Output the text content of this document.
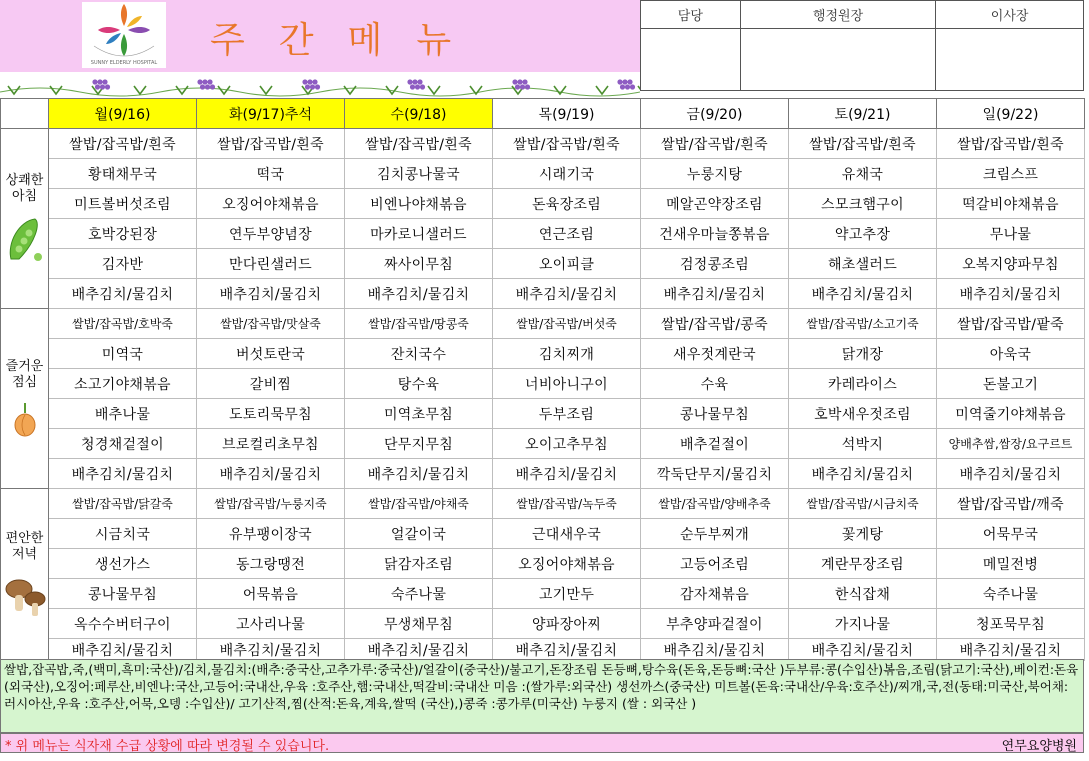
SUNNY ELDERLY HOSPITAL
주간메뉴
담당	행정원장	이사장

	월(9/16)	화(9/17)추석	수(9/18)	목(9/19)	금(9/20)	토(9/21)	일(9/22)

상쾌한
아침	쌀밥/잡곡밥/흰죽	쌀밥/잡곡밥/흰죽	쌀밥/잡곡밥/흰죽	쌀밥/잡곡밥/흰죽	쌀밥/잡곡밥/흰죽	쌀밥/잡곡밥/흰죽	쌀밥/잡곡밥/흰죽
	황태채무국	떡국	김치콩나물국	시래기국	누룽지탕	유채국	크림스프
	미트볼버섯조림	오징어야채볶음	비엔나야채볶음	돈육장조림	메알곤약장조림	스모크햄구이	떡갈비야채볶음
	호박강된장	연두부양념장	마카로니샐러드	연근조림	건새우마늘쫑볶음	약고추장	무나물
	김자반	만다린샐러드	짜사이무침	오이피클	검정콩조림	해초샐러드	오복지양파무침
	배추김치/물김치	배추김치/물김치	배추김치/물김치	배추김치/물김치	배추김치/물김치	배추김치/물김치	배추김치/물김치

즐거운
점심	쌀밥/잡곡밥/호박죽	쌀밥/잡곡밥/맛살죽	쌀밥/잡곡밥/땅콩죽	쌀밥/잡곡밥/버섯죽	쌀밥/잡곡밥/콩죽	쌀밥/잡곡밥/소고기죽	쌀밥/잡곡밥/팥죽
	미역국	버섯토란국	잔치국수	김치찌개	새우젓계란국	닭개장	아욱국
	소고기야채볶음	갈비찜	탕수육	너비아니구이	수육	카레라이스	돈불고기
	배추나물	도토리묵무침	미역초무침	두부조림	콩나물무침	호박새우젓조림	미역줄기야채볶음
	청경채겉절이	브로컬리초무침	단무지무침	오이고추무침	배추겉절이	석박지	양배추쌈,쌈장/요구르트
	배추김치/물김치	배추김치/물김치	배추김치/물김치	배추김치/물김치	깍둑단무지/물김치	배추김치/물김치	배추김치/물김치

편안한
저녁	쌀밥/잡곡밥/닭갈죽	쌀밥/잡곡밥/누룽지죽	쌀밥/잡곡밥/야채죽	쌀밥/잡곡밥/녹두죽	쌀밥/잡곡밥/양배추죽	쌀밥/잡곡밥/시금치죽	쌀밥/잡곡밥/깨죽
	시금치국	유부팽이장국	얼갈이국	근대새우국	순두부찌개	꽃게탕	어묵무국
	생선가스	동그랑땡전	닭감자조림	오징어야채볶음	고등어조림	계란무장조림	메밀전병
	콩나물무침	어묵볶음	숙주나물	고기만두	감자채볶음	한식잡채	숙주나물
	옥수수버터구이	고사리나물	무생채무침	양파장아찌	부추양파겉절이	가지나물	청포묵무침
	배추김치/물김치	배추김치/물김치	배추김치/물김치	배추김치/물김치	배추김치/물김치	배추김치/물김치	배추김치/물김치
쌀밥,잡곡밥,죽,(백미,흑미:국산)/김치,물김치:(배추:중국산,고추가루:중국산)/얼갈이(중국산)/불고기,돈장조림 돈등뼈,탕수육(돈육,돈등뼈:국산 )두부류:콩(수입산)볶음,조림(닭고기:국산),베이컨:돈육(외국산),오징어:페루산,비엔나:국산,고등어:국내산,우육 :호주산,햄:국내산,떡갈비:국내산 미음 :(쌀가루:외국산) 생선까스(중국산) 미트볼(돈육:국내산/우육:호주산)/찌개,국,전(동태:미국산,북어채:러시아산,우육 :호주산,어묵,오뎅 :수입산)/ 고기산적,찜(산적:돈육,계육,쌀떡 (국산),)콩죽 :콩가루(미국산) 누룽지 (쌀 : 외국산 )
* 위 메뉴는 식자재 수급 상황에 따라 변경될 수 있습니다.	연무요양병원
